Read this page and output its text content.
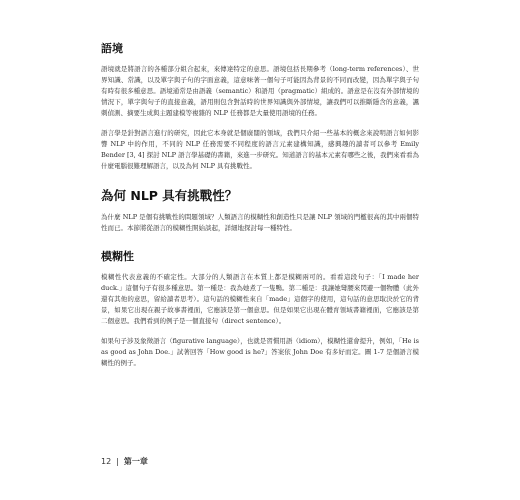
語境

語境就是將語言的各種部分組合起來，來傳達特定的意思。語境包括長期參考（long-term references）、世界知識、常識，以及單字與子句的字面意義，這意味著一個句子可能因為背景的不同而改變，因為單字與子句有時有很多種意思。語境通常是由語義（semantic）和語用（pragmatic）組成的。語意是在沒有外部情境的情況下，單字與句子的直接意義，語用則包含對話時的世界知識與外部情境，讓我們可以推斷隱含的意義，諷刺偵測、摘要生成與主題建模等複雜的 NLP 任務都是大量使用語境的任務。

語言學是針對語言進行的研究，因此它本身就是個廣闊的領域，我們只介紹一些基本的概念來說明語言如何影響 NLP 中的作用，不同的 NLP 任務需要不同程度的語言元素建構知識，感興趣的讀者可以參考 Emily Bender [3, 4] 探討 NLP 語言學基礎的書籍，來進一步研究。知道語言的基本元素有哪些之後，我們來看看為什麼電腦很難理解語言，以及為何 NLP 具有挑戰性。

為何 NLP 具有挑戰性？

為什麼 NLP 是個有挑戰性的問題領域？人類語言的模糊性和創造性只是讓 NLP 領域的門檻很高的其中兩個特性而已。本節將從語言的模糊性開始談起，詳細地探討每一種特性。

模糊性

模糊性代表意義的不確定性。大部分的人類語言在本質上都是模糊兩可的。看看這段句子：「I made her duck.」這個句子有很多種意思。第一種是：我為她煮了一隻鴨。第二種是：我讓她彎腰來閃避一個物體（此外還有其他的意思，留給讀者思考）。這句話的模糊性來自「made」這個字的使用，這句話的意思取決於它的背景，如果它出現在親子故事書裡面，它應該是第一個意思。但是如果它出現在體育領域書籍裡面，它應該是第二個意思。我們看到的例子是一個直接句（direct sentence）。

如果句子涉及象徵語言（figurative language），也就是習慣用語（idiom），模糊性還會提升，例如，「He is as good as John Doe.」試著回答「How good is he?」答案依 John Doe 有多好而定。圖 1-7 是個語言模糊性的例子。

12 | 第一章
